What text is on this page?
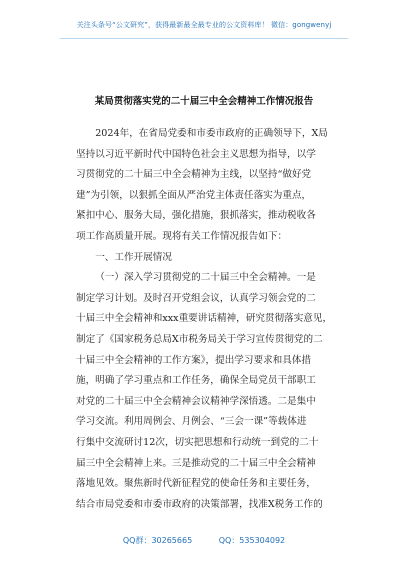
关注头条号“公文研究”，获得最新最全最专业的公文资料库！ 微信：gongwenyj
某局贯彻落实党的二十届三中全会精神工作情况报告

2024年，在省局党委和市委市政府的正确领导下，X局

坚持以习近平新时代中国特色社会主义思想为指导，以学

习贯彻党的二十届三中全会精神为主线，以坚持“做好党

建”为引领，以狠抓全面从严治党主体责任落实为重点，

紧扣中心、服务大局，强化措施，狠抓落实，推动税收各

项工作高质量开展。现将有关工作情况报告如下：

一、工作开展情况

（一）深入学习贯彻党的二十届三中全会精神。一是

制定学习计划。及时召开党组会议，认真学习领会党的二

十届三中全会精神和xxx重要讲话精神，研究贯彻落实意见，

制定了《国家税务总局X市税务局关于学习宣传贯彻党的二

十届三中全会精神的工作方案》，提出学习要求和具体措

施，明确了学习重点和工作任务，确保全局党员干部职工

对党的二十届三中全会精神会议精神学深悟透。二是集中

学习交流。利用周例会、月例会、“三会一课”等载体进

行集中交流研讨12次，切实把思想和行动统一到党的二十

届三中全会精神上来。三是推动党的二十届三中全会精神

落地见效。聚焦新时代新征程党的使命任务和主要任务，

结合市局党委和市委市政府的决策部署，找准X税务工作的

QQ群：30265665	QQ：535304092
